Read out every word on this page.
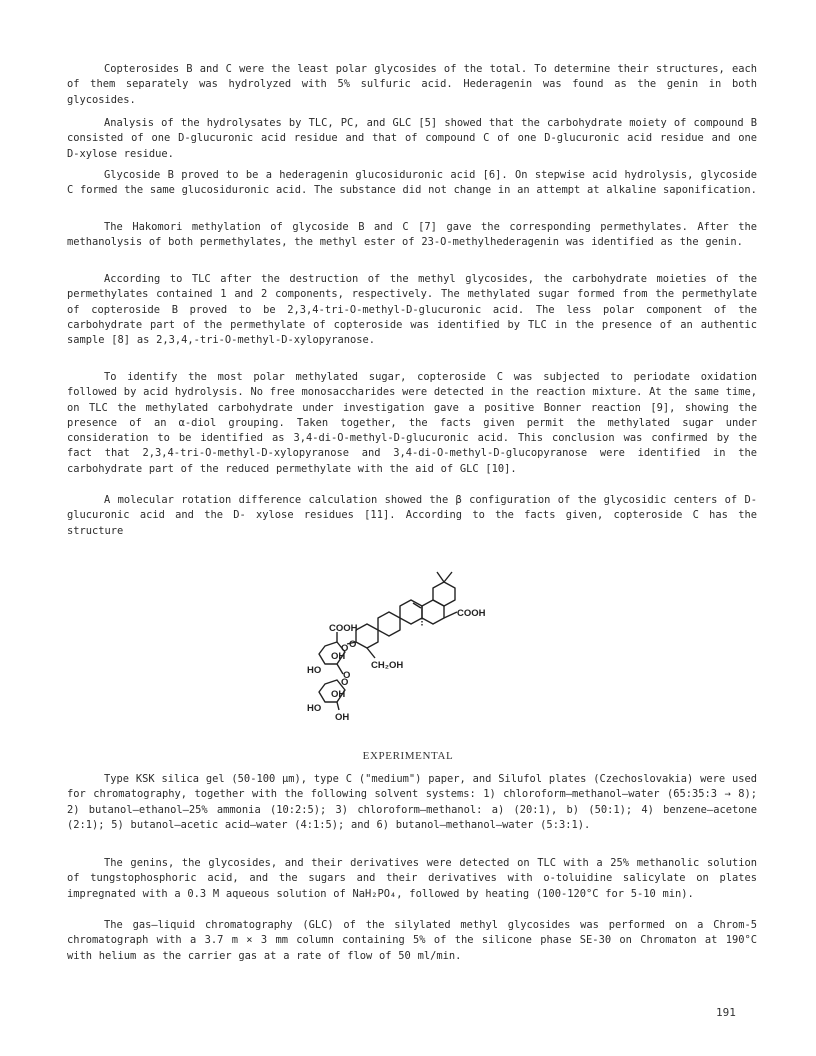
Copterosides B and C were the least polar glycosides of the total. To determine their structures, each of them separately was hydrolyzed with 5% sulfuric acid. Hederagenin was found as the genin in both glycosides.

Analysis of the hydrolysates by TLC, PC, and GLC [5] showed that the carbohydrate moiety of compound B consisted of one D-glucuronic acid residue and that of compound C of one D-glucuronic acid residue and one D-xylose residue.

Glycoside B proved to be a hederagenin glucosiduronic acid [6]. On stepwise acid hydrolysis, glycoside C formed the same glucosiduronic acid. The substance did not change in an attempt at alkaline saponification.

The Hakomori methylation of glycoside B and C [7] gave the corresponding permethylates. After the methanolysis of both permethylates, the methyl ester of 23-O-methylhederagenin was identified as the genin.

According to TLC after the destruction of the methyl glycosides, the carbohydrate moieties of the permethylates contained 1 and 2 components, respectively. The methylated sugar formed from the permethylate of copteroside B proved to be 2,3,4-tri-O-methyl-D-glucuronic acid. The less polar component of the carbohydrate part of the permethylate of copteroside was identified by TLC in the presence of an authentic sample [8] as 2,3,4,-tri-O-methyl-D-xylopyranose.

To identify the most polar methylated sugar, copteroside C was subjected to periodate oxidation followed by acid hydrolysis. No free monosaccharides were detected in the reaction mixture. At the same time, on TLC the methylated carbohydrate under investigation gave a positive Bonner reaction [9], showing the presence of an α-diol grouping. Taken together, the facts given permit the methylated sugar under consideration to be identified as 3,4-di-O-methyl-D-glucuronic acid. This conclusion was confirmed by the fact that 2,3,4-tri-O-methyl-D-xylopyranose and 3,4-di-O-methyl-D-glucopyranose were identified in the carbohydrate part of the reduced permethylate with the aid of GLC [10].

A molecular rotation difference calculation showed the β configuration of the glycosidic centers of D-glucuronic acid and the D- xylose residues [11]. According to the facts given, copteroside C has the structure

COOH
COOH
O O
OH
HO	CH₂OH
O
O
OH
HO
OH
EXPERIMENTAL

Type KSK silica gel (50-100 μm), type C ("medium") paper, and Silufol plates (Czechoslovakia) were used for chromatography, together with the following solvent systems: 1) chloroform—methanol—water (65:35:3 → 8); 2) butanol—ethanol—25% ammonia (10:2:5); 3) chloroform—methanol: a) (20:1), b) (50:1); 4) benzene—acetone (2:1); 5) butanol—acetic acid—water (4:1:5); and 6) butanol—methanol—water (5:3:1).

The genins, the glycosides, and their derivatives were detected on TLC with a 25% methanolic solution of tungstophosphoric acid, and the sugars and their derivatives with o-toluidine salicylate on plates impregnated with a 0.3 M aqueous solution of NaH₂PO₄, followed by heating (100-120°C for 5-10 min).

The gas—liquid chromatography (GLC) of the silylated methyl glycosides was performed on a Chrom-5 chromatograph with a 3.7 m × 3 mm column containing 5% of the silicone phase SE-30 on Chromaton at 190°C with helium as the carrier gas at a rate of flow of 50 ml/min.

191
